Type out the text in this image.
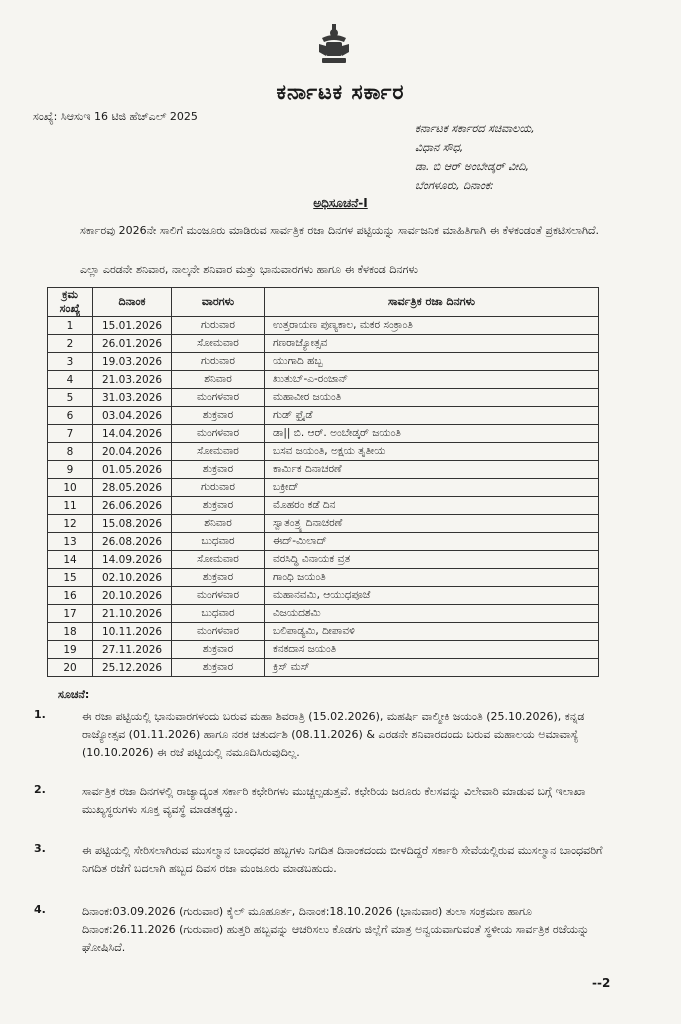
ಕರ್ನಾಟಕ ಸರ್ಕಾರ
ಸಂಖ್ಯೆ: ಸಿಆಸುಇ 16 ಟಿಜಿ ಹೆಚ್‌ಎಲ್ 2025
ಕರ್ನಾಟಕ ಸರ್ಕಾರದ ಸಚಿವಾಲಯ,
ವಿಧಾನ ಸೌಧ,
ಡಾ. ಬಿ ಆರ್ ಅಂಬೇಡ್ಕರ್ ವೀದಿ,
ಬೆಂಗಳೂರು, ದಿನಾಂಕ:
ಅಧಿಸೂಚನೆ-I
ಸರ್ಕಾರವು 2026ನೇ ಸಾಲಿಗೆ ಮಂಜೂರು ಮಾಡಿರುವ ಸಾರ್ವತ್ರಿಕ ರಜಾ ದಿನಗಳ ಪಟ್ಟಿಯನ್ನು ಸಾರ್ವಜನಿಕ ಮಾಹಿತಿಗಾಗಿ ಈ ಕೆಳಕಂಡಂತೆ ಪ್ರಕಟಿಸಲಾಗಿದೆ.
ಎಲ್ಲಾ ಎರಡನೇ ಶನಿವಾರ, ನಾಲ್ಕನೇ ಶನಿವಾರ ಮತ್ತು ಭಾನುವಾರಗಳು ಹಾಗೂ ಈ ಕೆಳಕಂಡ ದಿನಗಳು
ಕ್ರಮ ಸಂಖ್ಯೆ	ದಿನಾಂಕ	ವಾರಗಳು	ಸಾರ್ವತ್ರಿಕ ರಜಾ ದಿನಗಳು
1	15.01.2026	ಗುರುವಾರ	ಉತ್ತರಾಯಣ ಪುಣ್ಯಕಾಲ, ಮಕರ ಸಂಕ್ರಾಂತಿ
2	26.01.2026	ಸೋಮವಾರ	ಗಣರಾಜ್ಯೋತ್ಸವ
3	19.03.2026	ಗುರುವಾರ	ಯುಗಾದಿ ಹಬ್ಬ
4	21.03.2026	ಶನಿವಾರ	ಖುತುಬ್-ಎ-ರಂಜಾನ್
5	31.03.2026	ಮಂಗಳವಾರ	ಮಹಾವೀರ ಜಯಂತಿ
6	03.04.2026	ಶುಕ್ರವಾರ	ಗುಡ್ ಫ್ರೈಡೆ
7	14.04.2026	ಮಂಗಳವಾರ	ಡಾ|| ಬಿ. ಆರ್. ಅಂಬೇಡ್ಕರ್ ಜಯಂತಿ
8	20.04.2026	ಸೋಮವಾರ	ಬಸವ ಜಯಂತಿ, ಅಕ್ಷಯ ತೃತೀಯ
9	01.05.2026	ಶುಕ್ರವಾರ	ಕಾರ್ಮಿಕ ದಿನಾಚರಣೆ
10	28.05.2026	ಗುರುವಾರ	ಬಕ್ರೀದ್
11	26.06.2026	ಶುಕ್ರವಾರ	ಮೊಹರಂ ಕಡೆ ದಿನ
12	15.08.2026	ಶನಿವಾರ	ಸ್ವಾತಂತ್ರ್ಯ ದಿನಾಚರಣೆ
13	26.08.2026	ಬುಧವಾರ	ಈದ್-ಮಿಲಾದ್
14	14.09.2026	ಸೋಮವಾರ	ವರಸಿದ್ಧಿ ವಿನಾಯಕ ವ್ರತ
15	02.10.2026	ಶುಕ್ರವಾರ	ಗಾಂಧಿ ಜಯಂತಿ
16	20.10.2026	ಮಂಗಳವಾರ	ಮಹಾನವಮಿ, ಆಯುಧಪೂಜೆ
17	21.10.2026	ಬುಧವಾರ	ವಿಜಯದಶಮಿ
18	10.11.2026	ಮಂಗಳವಾರ	ಬಲಿಪಾಡ್ಯಮಿ, ದೀಪಾವಳಿ
19	27.11.2026	ಶುಕ್ರವಾರ	ಕನಕದಾಸ ಜಯಂತಿ
20	25.12.2026	ಶುಕ್ರವಾರ	ಕ್ರಿಸ್ ಮಸ್
ಸೂಚನೆ:
1.	ಈ ರಜಾ ಪಟ್ಟಿಯಲ್ಲಿ ಭಾನುವಾರಗಳಂದು ಬರುವ ಮಹಾ ಶಿವರಾತ್ರಿ (15.02.2026), ಮಹರ್ಷಿ ವಾಲ್ಮೀಕಿ ಜಯಂತಿ (25.10.2026), ಕನ್ನಡ ರಾಜ್ಯೋತ್ಸವ (01.11.2026) ಹಾಗೂ ನರಕ ಚತುರ್ದಶಿ (08.11.2026) & ಎರಡನೇ ಶನಿವಾರದಂದು ಬರುವ ಮಹಾಲಯ ಅಮಾವಾಸ್ಯೆ (10.10.2026) ಈ ರಜೆ ಪಟ್ಟಿಯಲ್ಲಿ ನಮೂದಿಸಿರುವುದಿಲ್ಲ.
2.	ಸಾರ್ವತ್ರಿಕ ರಜಾ ದಿನಗಳಲ್ಲಿ ರಾಜ್ಯಾದ್ಯಂತ ಸರ್ಕಾರಿ ಕಛೇರಿಗಳು ಮುಚ್ಚಲ್ಪಡುತ್ತವೆ. ಕಛೇರಿಯ ಜರೂರು ಕೆಲಸವನ್ನು ವಿಲೇವಾರಿ ಮಾಡುವ ಬಗ್ಗೆ ಇಲಾಖಾ ಮುಖ್ಯಸ್ಥರುಗಳು ಸೂಕ್ತ ವ್ಯವಸ್ಥೆ ಮಾಡತಕ್ಕದ್ದು.
3.	ಈ ಪಟ್ಟಿಯಲ್ಲಿ ಸೇರಿಸಲಾಗಿರುವ ಮುಸಲ್ಮಾನ ಬಾಂಧವರ ಹಬ್ಬಗಳು ನಿಗದಿತ ದಿನಾಂಕದಂದು ಬೀಳದಿದ್ದರೆ ಸರ್ಕಾರಿ ಸೇವೆಯಲ್ಲಿರುವ ಮುಸಲ್ಮಾನ ಬಾಂಧವರಿಗೆ ನಿಗದಿತ ರಜೆಗೆ ಬದಲಾಗಿ ಹಬ್ಬದ ದಿವಸ ರಜಾ ಮಂಜೂರು ಮಾಡಬಹುದು.
4.	ದಿನಾಂಕ:03.09.2026 (ಗುರುವಾರ) ಕೈಲ್ ಮೂಹೂರ್ತ, ದಿನಾಂಕ:18.10.2026 (ಭಾನುವಾರ) ತುಲಾ ಸಂಕ್ರಮಣ ಹಾಗೂ ದಿನಾಂಕ:26.11.2026 (ಗುರುವಾರ) ಹುತ್ತರಿ ಹಬ್ಬವನ್ನು ಆಚರಿಸಲು ಕೊಡಗು ಜಿಲ್ಲೆಗೆ ಮಾತ್ರ ಅನ್ವಯವಾಗುವಂತೆ ಸ್ಥಳೀಯ ಸಾರ್ವತ್ರಿಕ ರಜೆಯನ್ನು ಘೋಷಿಸಿದೆ.
--2
